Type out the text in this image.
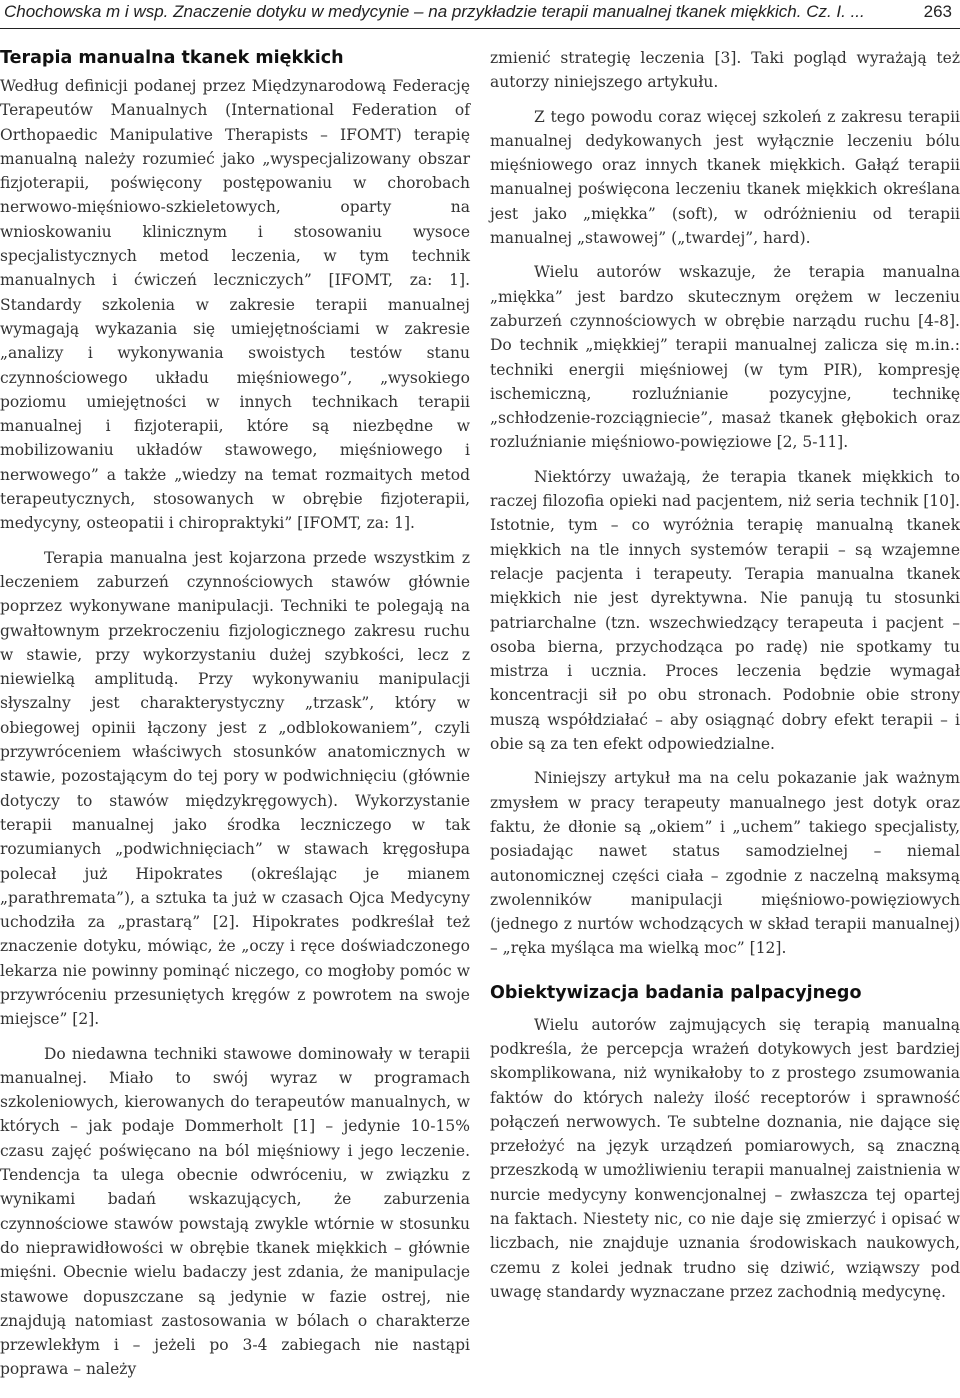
Chochowska m i wsp. Znaczenie dotyku w medycynie – na przykładzie terapii manualnej tkanek miękkich. Cz. I. ...	263
Terapia manualna tkanek miękkich

Według definicji podanej przez Międzynarodową Federację Terapeutów Manualnych (International Federation of Orthopaedic Manipulative Therapists – IFOMT) terapię manualną należy rozumieć jako „wyspecjalizowany obszar fizjoterapii, poświęcony postępowaniu w chorobach nerwowo-mięśniowo-szkieletowych, oparty na wnioskowaniu klinicznym i stosowaniu wysoce specjalistycznych metod leczenia, w tym technik manualnych i ćwiczeń leczniczych” [IFOMT, za: 1]. Standardy szkolenia w zakresie terapii manualnej wymagają wykazania się umiejętnościami w zakresie „analizy i wykonywania swoistych testów stanu czynnościowego układu mięśniowego”, „wysokiego poziomu umiejętności w innych technikach terapii manualnej i fizjoterapii, które są niezbędne w mobilizowaniu układów stawowego, mięśniowego i nerwowego” a także „wiedzy na temat rozmaitych metod terapeutycznych, stosowanych w obrębie fizjoterapii, medycyny, osteopatii i chiropraktyki” [IFOMT, za: 1].

Terapia manualna jest kojarzona przede wszystkim z leczeniem zaburzeń czynnościowych stawów głównie poprzez wykonywane manipulacji. Techniki te polegają na gwałtownym przekroczeniu fizjologicznego zakresu ruchu w stawie, przy wykorzystaniu dużej szybkości, lecz z niewielką amplitudą. Przy wykonywaniu manipulacji słyszalny jest charakterystyczny „trzask”, który w obiegowej opinii łączony jest z „odblokowaniem”, czyli przywróceniem właściwych stosunków anatomicznych w stawie, pozostającym do tej pory w podwichnięciu (głównie dotyczy to stawów międzykręgowych). Wykorzystanie terapii manualnej jako środka leczniczego w tak rozumianych „podwichnięciach” w stawach kręgosłupa polecał już Hipokrates (określając je mianem „parathremata”), a sztuka ta już w czasach Ojca Medycyny uchodziła za „prastarą” [2]. Hipokrates podkreślał też znaczenie dotyku, mówiąc, że „oczy i ręce doświadczonego lekarza nie powinny pominąć niczego, co mogłoby pomóc w przywróceniu przesuniętych kręgów z powrotem na swoje miejsce” [2].

Do niedawna techniki stawowe dominowały w terapii manualnej. Miało to swój wyraz w programach szkoleniowych, kierowanych do terapeutów manualnych, w których – jak podaje Dommerholt [1] – jedynie 10-15% czasu zajęć poświęcano na ból mięśniowy i jego leczenie. Tendencja ta ulega obecnie odwróceniu, w związku z wynikami badań wskazujących, że zaburzenia czynnościowe stawów powstają zwykle wtórnie w stosunku do nieprawidłowości w obrębie tkanek miękkich – głównie mięśni. Obecnie wielu badaczy jest zdania, że manipulacje stawowe dopuszczane są jedynie w fazie ostrej, nie znajdują natomiast zastosowania w bólach o charakterze przewlekłym i – jeżeli po 3-4 zabiegach nie nastąpi poprawa – należy

zmienić strategię leczenia [3]. Taki pogląd wyrażają też autorzy niniejszego artykułu.

Z tego powodu coraz więcej szkoleń z zakresu terapii manualnej dedykowanych jest wyłącznie leczeniu bólu mięśniowego oraz innych tkanek miękkich. Gałąź terapii manualnej poświęcona leczeniu tkanek miękkich określana jest jako „miękka” (soft), w odróżnieniu od terapii manualnej „stawowej” („twardej”, hard).

Wielu autorów wskazuje, że terapia manualna „miękka” jest bardzo skutecznym orężem w leczeniu zaburzeń czynnościowych w obrębie narządu ruchu [4-8]. Do technik „miękkiej” terapii manualnej zalicza się m.in.: techniki energii mięśniowej (w tym PIR), kompresję ischemiczną, rozluźnianie pozycyjne, technikę „schłodzenie-rozciągniecie”, masaż tkanek głębokich oraz rozluźnianie mięśniowo-powięziowe [2, 5-11].

Niektórzy uważają, że terapia tkanek miękkich to raczej filozofia opieki nad pacjentem, niż seria technik [10]. Istotnie, tym – co wyróżnia terapię manualną tkanek miękkich na tle innych systemów terapii – są wzajemne relacje pacjenta i terapeuty. Terapia manualna tkanek miękkich nie jest dyrektywna. Nie panują tu stosunki patriarchalne (tzn. wszechwiedzący terapeuta i pacjent – osoba bierna, przychodząca po radę) nie spotkamy tu mistrza i ucznia. Proces leczenia będzie wymagał koncentracji sił po obu stronach. Podobnie obie strony muszą współdziałać – aby osiągnąć dobry efekt terapii – i obie są za ten efekt odpowiedzialne.

Niniejszy artykuł ma na celu pokazanie jak ważnym zmysłem w pracy terapeuty manualnego jest dotyk oraz faktu, że dłonie są „okiem” i „uchem” takiego specjalisty, posiadając nawet status samodzielnej – niemal autonomicznej części ciała – zgodnie z naczelną maksymą zwolenników manipulacji mięśniowo-powięziowych (jednego z nurtów wchodzących w skład terapii manualnej) – „ręka myśląca ma wielką moc” [12].

Obiektywizacja badania palpacyjnego

Wielu autorów zajmujących się terapią manualną podkreśla, że percepcja wrażeń dotykowych jest bardziej skomplikowana, niż wynikałoby to z prostego zsumowania faktów do których należy ilość receptorów i sprawność połączeń nerwowych. Te subtelne doznania, nie dające się przełożyć na język urządzeń pomiarowych, są znaczną przeszkodą w umożliwieniu terapii manualnej zaistnienia w nurcie medycyny konwencjonalnej – zwłaszcza tej opartej na faktach. Niestety nic, co nie daje się zmierzyć i opisać w liczbach, nie znajduje uznania środowiskach naukowych, czemu z kolei jednak trudno się dziwić, wziąwszy pod uwagę standardy wyznaczane przez zachodnią medycynę.
